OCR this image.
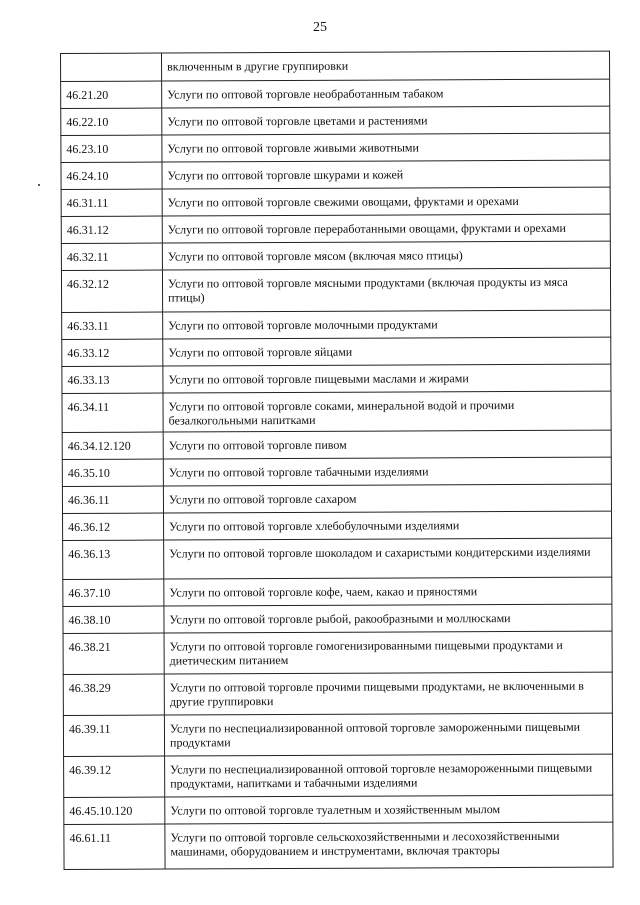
25
	включенным в другие группировки
46.21.20	Услуги по оптовой торговле необработанным табаком
46.22.10	Услуги по оптовой торговле цветами и растениями
46.23.10	Услуги по оптовой торговле живыми животными
46.24.10	Услуги по оптовой торговле шкурами и кожей
46.31.11	Услуги по оптовой торговле свежими овощами, фруктами и орехами
46.31.12	Услуги по оптовой торговле переработанными овощами, фруктами и орехами
46.32.11	Услуги по оптовой торговле мясом (включая мясо птицы)
46.32.12	Услуги по оптовой торговле мясными продуктами (включая продукты из мяса птицы)
46.33.11	Услуги по оптовой торговле молочными продуктами
46.33.12	Услуги по оптовой торговле яйцами
46.33.13	Услуги по оптовой торговле пищевыми маслами и жирами
46.34.11	Услуги по оптовой торговле соками, минеральной водой и прочими безалкогольными напитками
46.34.12.120	Услуги по оптовой торговле пивом
46.35.10	Услуги по оптовой торговле табачными изделиями
46.36.11	Услуги по оптовой торговле сахаром
46.36.12	Услуги по оптовой торговле хлебобулочными изделиями
46.36.13	Услуги по оптовой торговле шоколадом и сахаристыми кондитерскими изделиями
46.37.10	Услуги по оптовой торговле кофе, чаем, какао и пряностями
46.38.10	Услуги по оптовой торговле рыбой, ракообразными и моллюсками
46.38.21	Услуги по оптовой торговле гомогенизированными пищевыми продуктами и диетическим питанием
46.38.29	Услуги по оптовой торговле прочими пищевыми продуктами, не включенными в другие группировки
46.39.11	Услуги по неспециализированной оптовой торговле замороженными пищевыми продуктами
46.39.12	Услуги по неспециализированной оптовой торговле незамороженными пищевыми продуктами, напитками и табачными изделиями
46.45.10.120	Услуги по оптовой торговле туалетным и хозяйственным мылом
46.61.11	Услуги по оптовой торговле сельскохозяйственными и лесохозяйственными машинами, оборудованием и инструментами, включая тракторы
